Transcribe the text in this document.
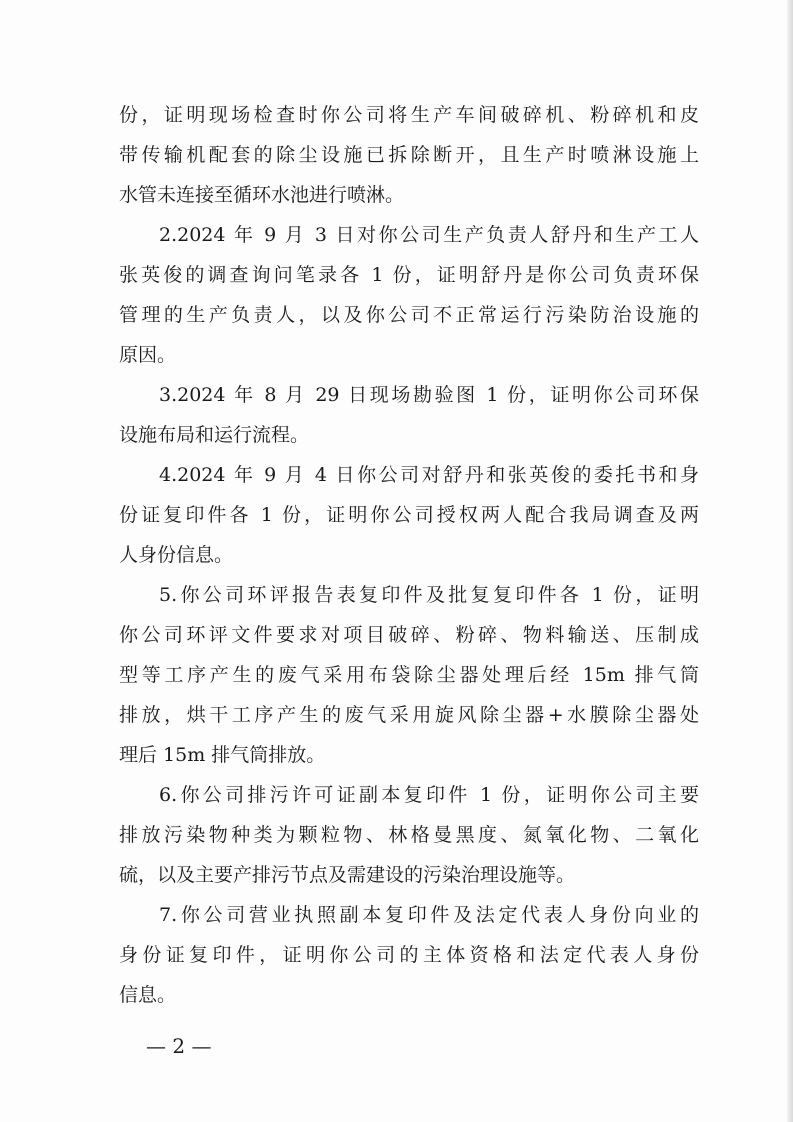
份，证明现场检查时你公司将生产车间破碎机、粉碎机和皮
带传输机配套的除尘设施已拆除断开，且生产时喷淋设施上
水管未连接至循环水池进行喷淋。
2.2024 年 9 月 3 日对你公司生产负责人舒丹和生产工人
张英俊的调查询问笔录各 1 份，证明舒丹是你公司负责环保
管理的生产负责人，以及你公司不正常运行污染防治设施的
原因。
3.2024 年 8 月 29 日现场勘验图 1 份，证明你公司环保
设施布局和运行流程。
4.2024 年 9 月 4 日你公司对舒丹和张英俊的委托书和身
份证复印件各 1 份，证明你公司授权两人配合我局调查及两
人身份信息。
5.你公司环评报告表复印件及批复复印件各 1 份，证明
你公司环评文件要求对项目破碎、粉碎、物料输送、压制成
型等工序产生的废气采用布袋除尘器处理后经 15m 排气筒
排放，烘干工序产生的废气采用旋风除尘器+水膜除尘器处
理后 15m 排气筒排放。
6.你公司排污许可证副本复印件 1 份，证明你公司主要
排放污染物种类为颗粒物、林格曼黑度、氮氧化物、二氧化
硫，以及主要产排污节点及需建设的污染治理设施等。
7.你公司营业执照副本复印件及法定代表人身份向业的
身份证复印件，证明你公司的主体资格和法定代表人身份
信息。
— 2 —
